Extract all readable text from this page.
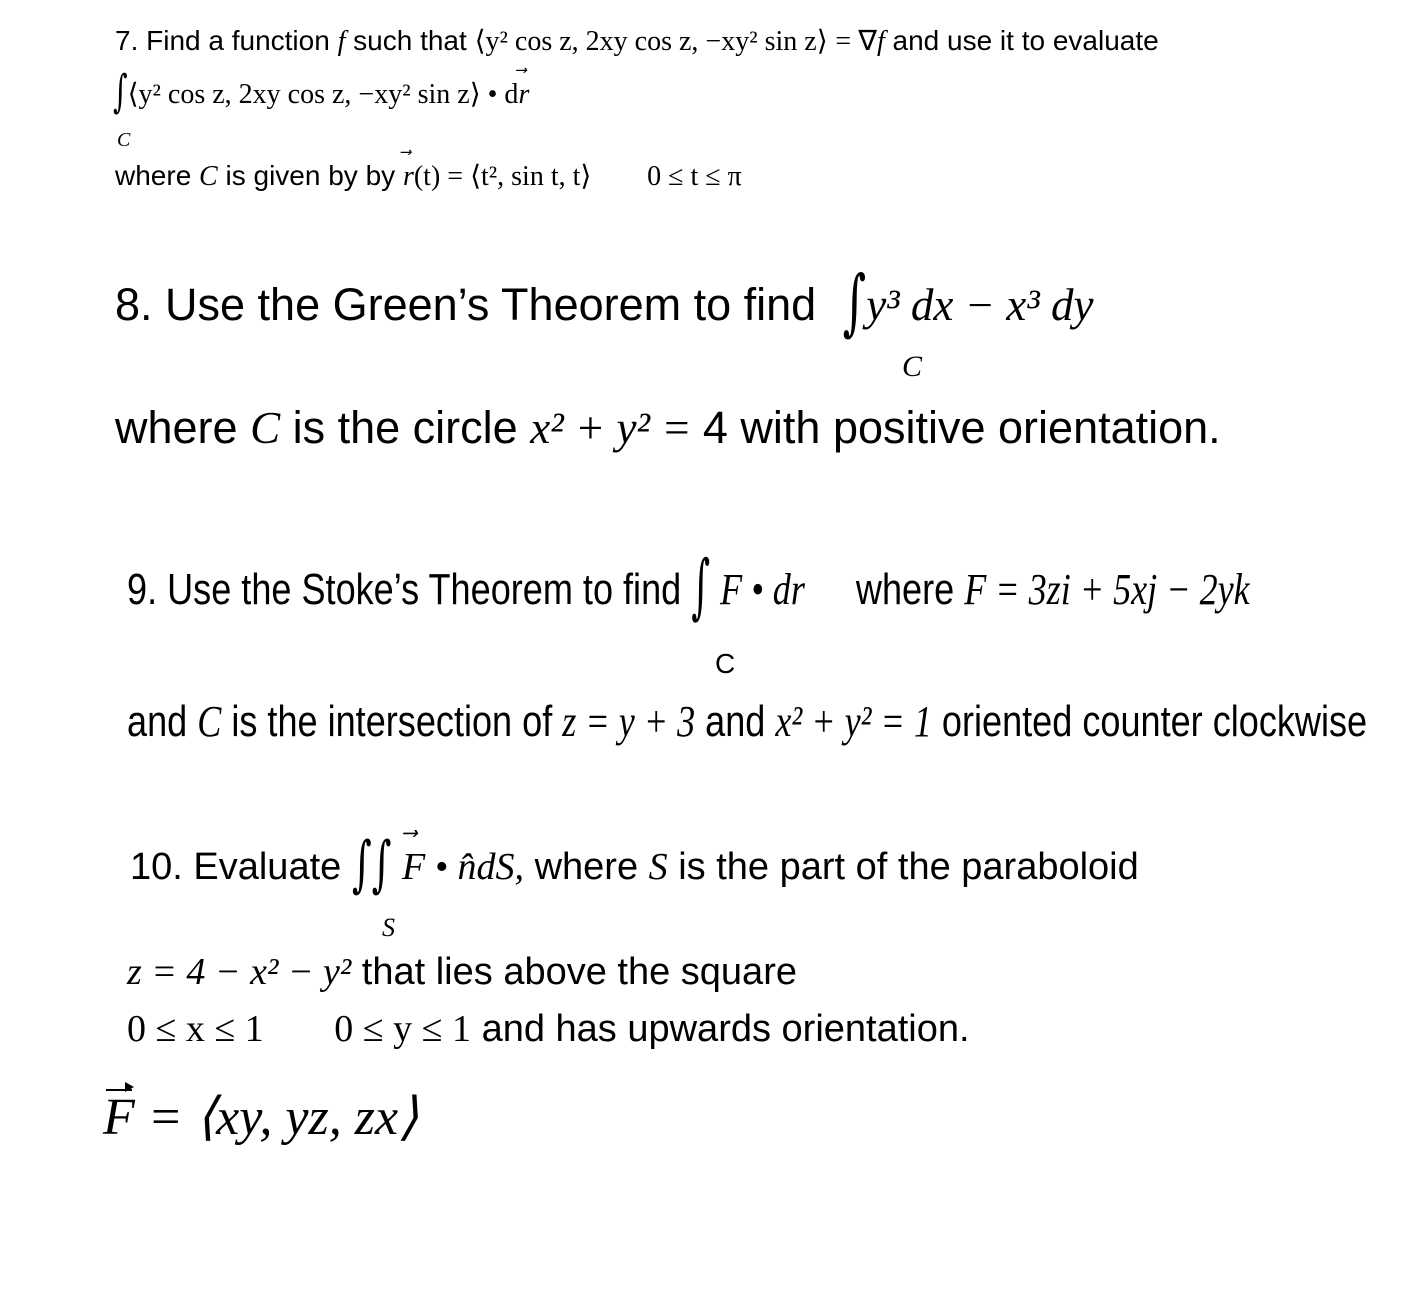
7. Find a function f such that ⟨y² cos z, 2xy cos z, −xy² sin z⟩ = ∇f and use it to evaluate
∫⟨y² cos z, 2xy cos z, −xy² sin z⟩ • d⃗ r
C
where C is given by by ⃗ r(t) = ⟨t², sin t, t⟩ 0 ≤ t ≤ π
8. Use the Green’s Theorem to find ∫y³ dx − x³ dy
C
where C is the circle x² + y² = 4 with positive orientation.
9. Use the Stoke’s Theorem to find ∫ F • dr where F = 3zi + 5xj − 2yk
C
and C is the intersection of z = y + 3 and x² + y² = 1 oriented counter clockwise
10. Evaluate ∫∫ ⃗ F • n̂dS, where S is the part of the paraboloid
S
z = 4 − x² − y² that lies above the square
0 ≤ x ≤ 1 0 ≤ y ≤ 1 and has upwards orientation.
F = ⟨xy, yz, zx⟩
